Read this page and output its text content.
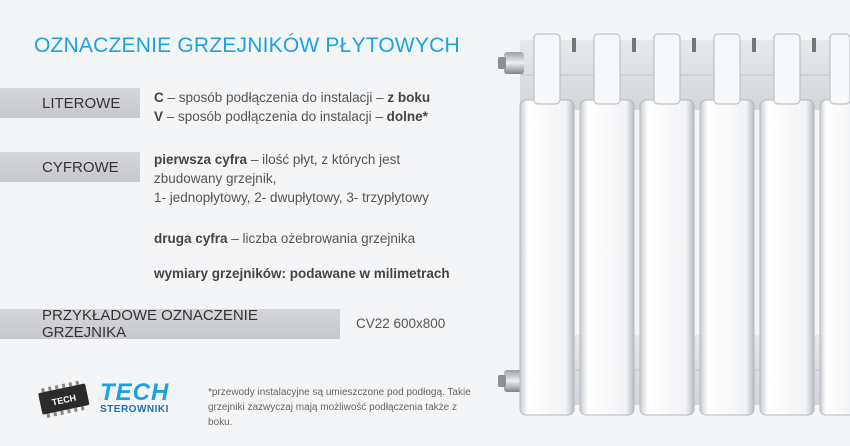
OZNACZENIE GRZEJNIKÓW PŁYTOWYCH
LITEROWE C – sposób podłączenia do instalacji – z boku
V – sposób podłączenia do instalacji – dolne*
CYFROWE	pierwsza cyfra – ilość płyt, z których jest zbudowany grzejnik,
1- jednopłytowy, 2- dwupłytowy, 3- trzypłytowy
druga cyfra – liczba ożebrowania grzejnika
wymiary grzejników: podawane w milimetrach
PRZYKŁADOWE OZNACZENIE GRZEJNIKA
CV22 600x800
TECH TECH
STEROWNIKI
*przewody instalacyjne są umieszczone pod podłogą. Takie grzejniki zazwyczaj mają możliwość podłączenia także z boku.
